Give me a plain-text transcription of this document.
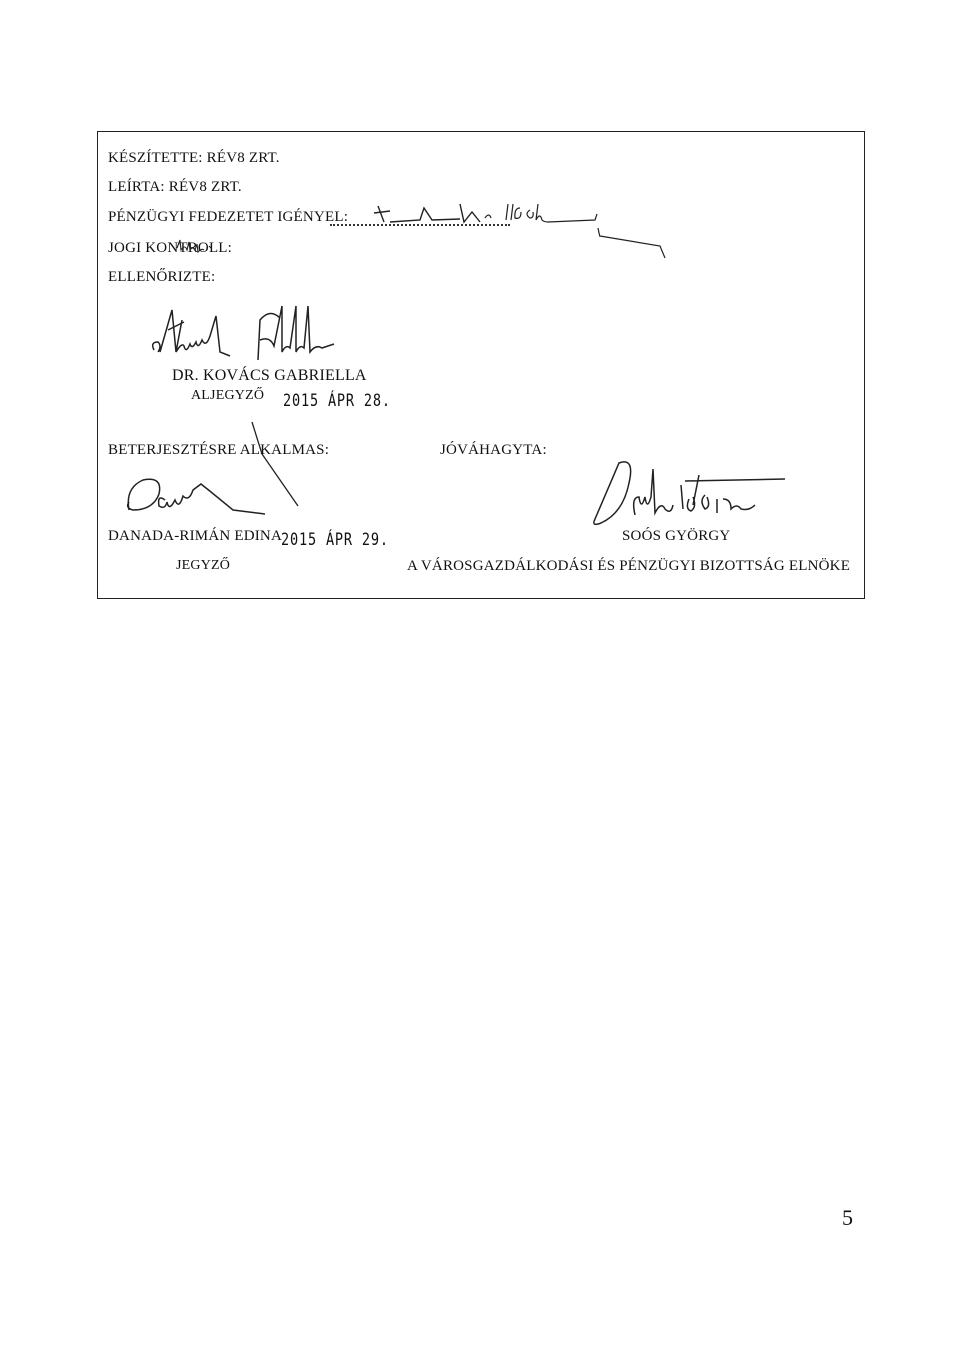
KÉSZÍTETTE: RÉV8 ZRT.
LEÍRTA: RÉV8 ZRT.
PÉNZÜGYI FEDEZETET IGÉNYEL:
JOGI KONTROLL:
ELLENŐRIZTE:
DR. KOVÁCS GABRIELLA
ALJEGYZŐ 2015 ÁPR 28.
BETERJESZTÉSRE ALKALMAS:	JÓVÁHAGYTA:
DANADA-RIMÁN EDINA 2015 ÁPR 29.
JEGYZŐ
SOÓS GYÖRGY
A VÁROSGAZDÁLKODÁSI ÉS PÉNZÜGYI BIZOTTSÁG ELNÖKE
5
